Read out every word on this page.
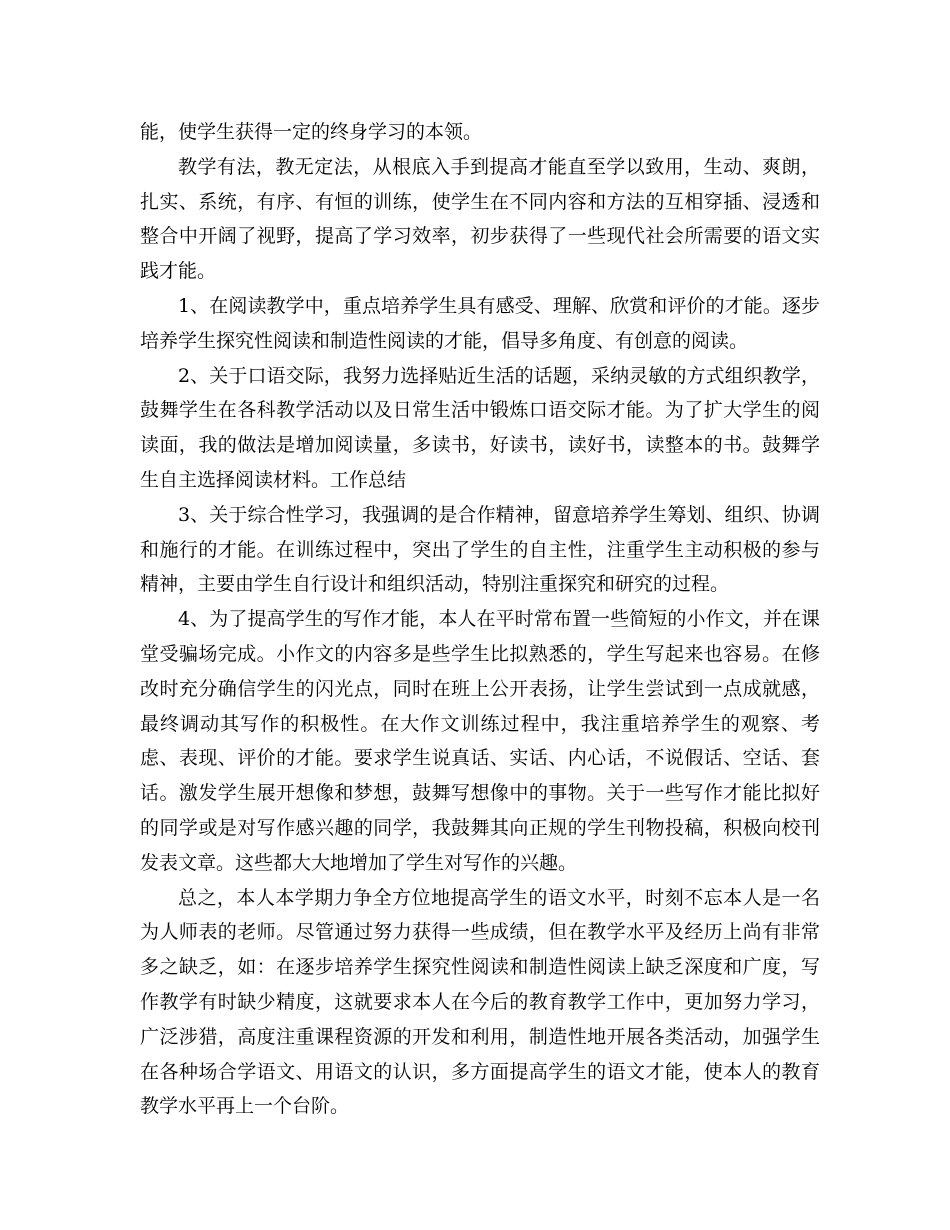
能，使学生获得一定的终身学习的本领。

教学有法，教无定法，从根底入手到提高才能直至学以致用，生动、爽朗，扎实、系统，有序、有恒的训练，使学生在不同内容和方法的互相穿插、浸透和整合中开阔了视野，提高了学习效率，初步获得了一些现代社会所需要的语文实践才能。

1、在阅读教学中，重点培养学生具有感受、理解、欣赏和评价的才能。逐步培养学生探究性阅读和制造性阅读的才能，倡导多角度、有创意的阅读。

2、关于口语交际，我努力选择贴近生活的话题，采纳灵敏的方式组织教学，鼓舞学生在各科教学活动以及日常生活中锻炼口语交际才能。为了扩大学生的阅读面，我的做法是增加阅读量，多读书，好读书，读好书，读整本的书。鼓舞学生自主选择阅读材料。工作总结

3、关于综合性学习，我强调的是合作精神，留意培养学生筹划、组织、协调和施行的才能。在训练过程中，突出了学生的自主性，注重学生主动积极的参与精神，主要由学生自行设计和组织活动，特别注重探究和研究的过程。

4、为了提高学生的写作才能，本人在平时常布置一些简短的小作文，并在课堂受骗场完成。小作文的内容多是些学生比拟熟悉的，学生写起来也容易。在修改时充分确信学生的闪光点，同时在班上公开表扬，让学生尝试到一点成就感，最终调动其写作的积极性。在大作文训练过程中，我注重培养学生的观察、考虑、表现、评价的才能。要求学生说真话、实话、内心话，不说假话、空话、套话。激发学生展开想像和梦想，鼓舞写想像中的事物。关于一些写作才能比拟好的同学或是对写作感兴趣的同学，我鼓舞其向正规的学生刊物投稿，积极向校刊发表文章。这些都大大地增加了学生对写作的兴趣。

总之，本人本学期力争全方位地提高学生的语文水平，时刻不忘本人是一名为人师表的老师。尽管通过努力获得一些成绩，但在教学水平及经历上尚有非常多之缺乏，如：在逐步培养学生探究性阅读和制造性阅读上缺乏深度和广度，写作教学有时缺少精度，这就要求本人在今后的教育教学工作中，更加努力学习，广泛涉猎，高度注重课程资源的开发和利用，制造性地开展各类活动，加强学生在各种场合学语文、用语文的认识，多方面提高学生的语文才能，使本人的教育教学水平再上一个台阶。
